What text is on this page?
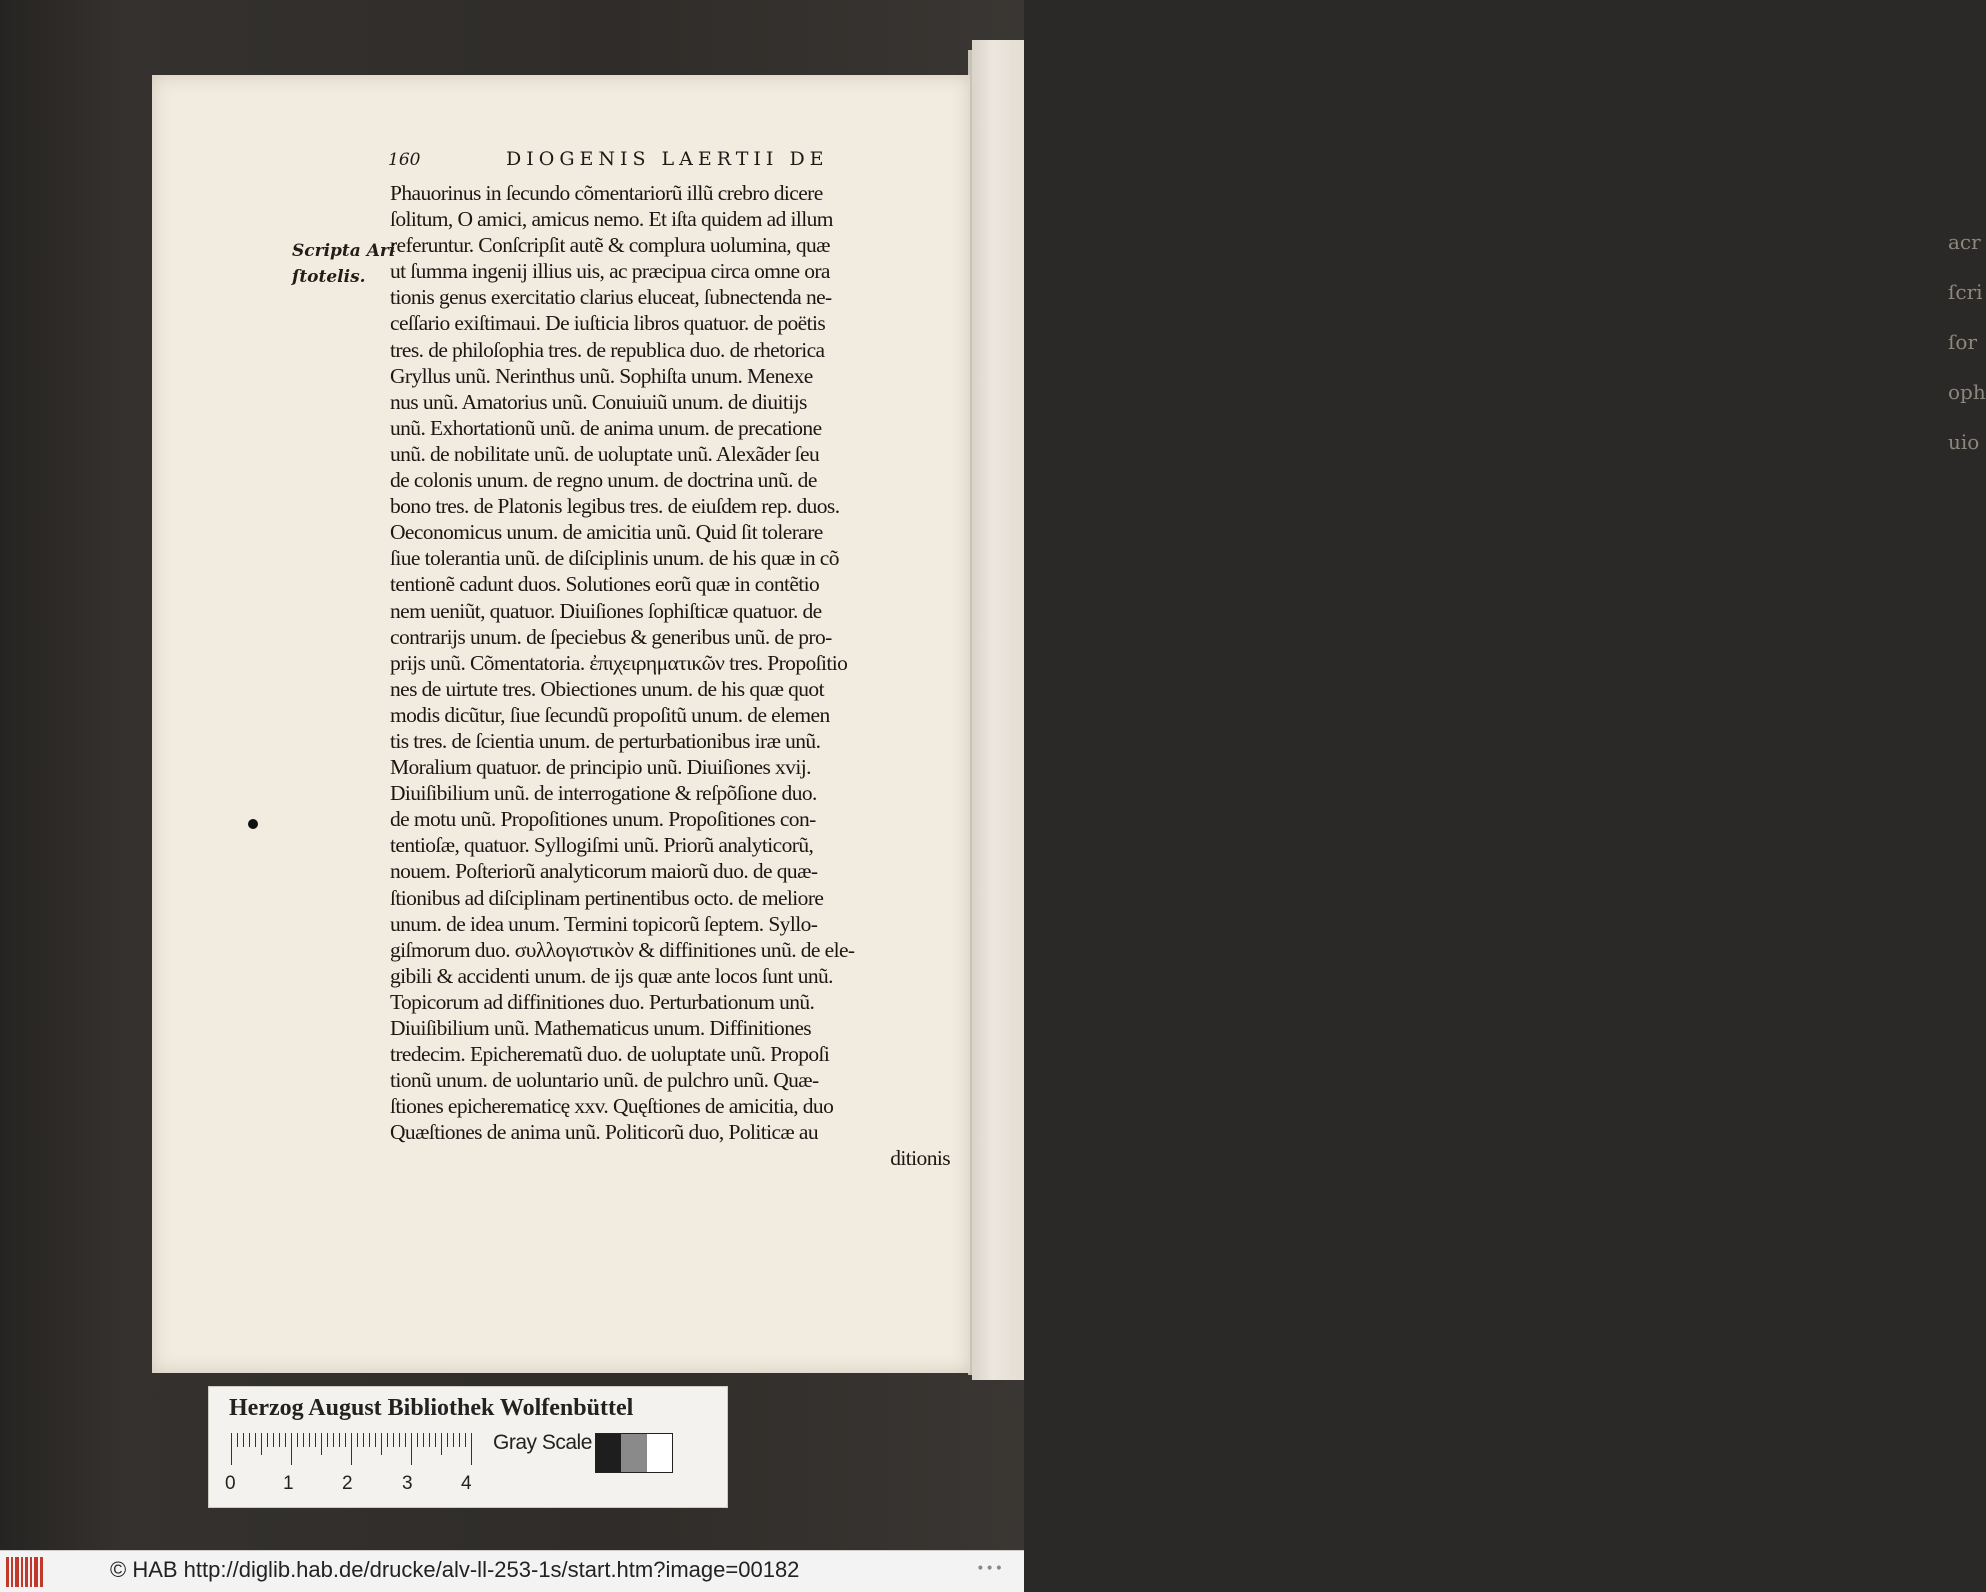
acr
ſcri
ſor
oph
uio
160	DIOGENIS LAERTII DE
Scripta Ari
ſtotelis.
Phauorinus in ſecundo cõmentariorũ illũ crebro dicere
ſolitum, O amici, amicus nemo. Et iſta quidem ad illum
referuntur. Conſcripſit autẽ & complura uolumina, quæ
ut ſumma ingenij illius uis, ac præcipua circa omne ora
tionis genus exercitatio clarius eluceat, ſubnectenda ne-
ceſſario exiſtimaui. De iuſticia libros quatuor. de poëtis
tres. de philoſophia tres. de republica duo. de rhetorica
Gryllus unũ. Nerinthus unũ. Sophiſta unum. Menexe
nus unũ. Amatorius unũ. Conuiuiũ unum. de diuitijs
unũ. Exhortationũ unũ. de anima unum. de precatione
unũ. de nobilitate unũ. de uoluptate unũ. Alexãder ſeu
de colonis unum. de regno unum. de doctrina unũ. de
bono tres. de Platonis legibus tres. de eiuſdem rep. duos.
Oeconomicus unum. de amicitia unũ. Quid ſit tolerare
ſiue tolerantia unũ. de diſciplinis unum. de his quæ in cõ
tentionẽ cadunt duos. Solutiones eorũ quæ in contẽtio
nem ueniũt, quatuor. Diuiſiones ſophiſticæ quatuor. de
contrarijs unum. de ſpeciebus & generibus unũ. de pro-
prijs unũ. Cõmentatoria. ἐπιχειρηματικῶν tres. Propoſitio
nes de uirtute tres. Obiectiones unum. de his quæ quot
modis dicũtur, ſiue ſecundũ propoſitũ unum. de elemen
tis tres. de ſcientia unum. de perturbationibus iræ unũ.
Moralium quatuor. de principio unũ. Diuiſiones xvij.
Diuiſibilium unũ. de interrogatione & reſpõſione duo.
de motu unũ. Propoſitiones unum. Propoſitiones con-
tentioſæ, quatuor. Syllogiſmi unũ. Priorũ analyticorũ,
nouem. Poſteriorũ analyticorum maiorũ duo. de quæ-
ſtionibus ad diſciplinam pertinentibus octo. de meliore
unum. de idea unum. Termini topicorũ ſeptem. Syllo-
giſmorum duo. συλλογιστικὸν & diffinitiones unũ. de ele-
gibili & accidenti unum. de ijs quæ ante locos ſunt unũ.
Topicorum ad diffinitiones duo. Perturbationum unũ.
Diuiſibilium unũ. Mathematicus unum. Diffinitiones
tredecim. Epicherematũ duo. de uoluptate unũ. Propoſi
tionũ unum. de uoluntario unũ. de pulchro unũ. Quæ-
ſtiones epicherematicę xxv. Quęſtiones de amicitia, duo
Quæſtiones de anima unũ. Politicorũ duo, Politicæ au
ditionis
Herzog August Bibliothek Wolfenbüttel
0 1	2	3	4
Gray Scale
© HAB http://diglib.hab.de/drucke/alv-ll-253-1s/start.htm?image=00182	•••
